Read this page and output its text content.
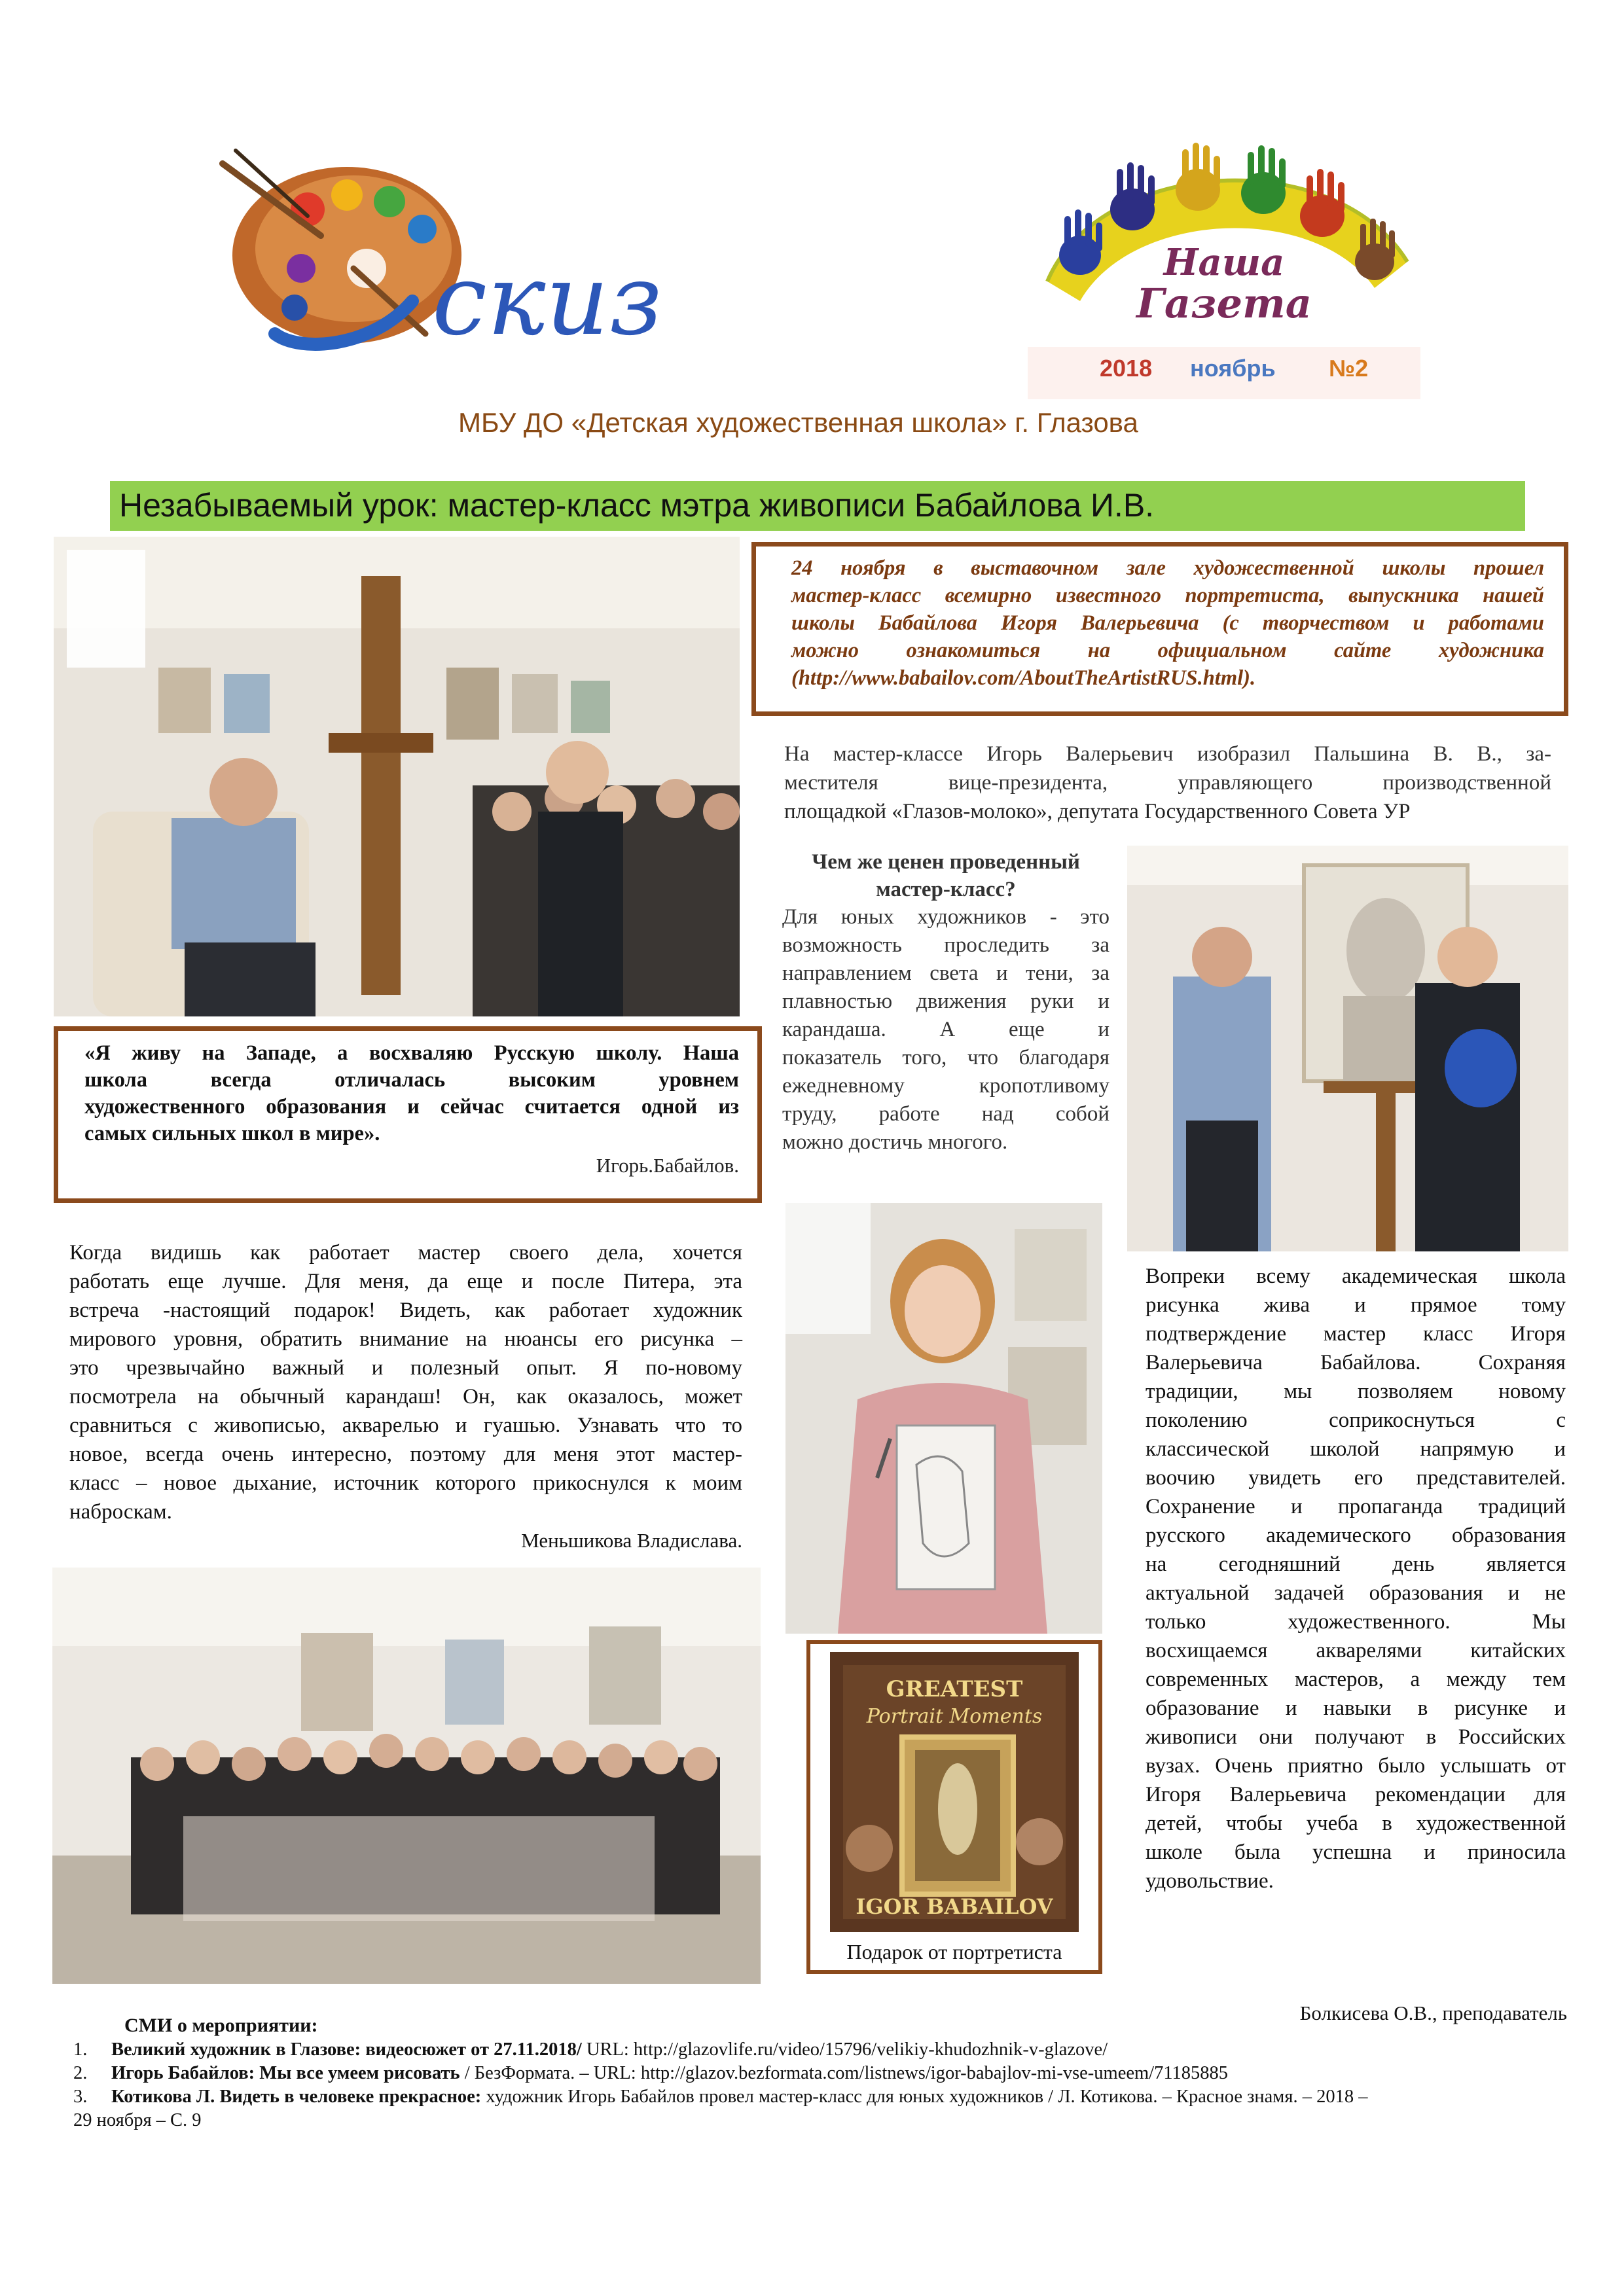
скиз	Наша
Газета
2018 ноябрь №2
МБУ ДО «Детская художественная школа» г. Глазова
Незабываемый урок: мастер-класс мэтра живописи Бабайлова И.В.
24 ноября в выставочном зале художественной школы прошел
мастер-класс всемирно известного портретиста, выпускника нашей
школы Бабайлова Игоря Валерьевича (с творчеством и работами
можно ознакомиться на официальном сайте художника
(http://www.babailov.com/AboutTheArtistRUS.html).
На мастер-классе Игорь Валерьевич изобразил Пальшина В. В., за-
местителя вице-президента, управляющего производственной
площадкой «Глазов-молоко», депутата Государственного Совета УР
Чем же ценен проведенный
мастер-класс?
Для юных художников - это
возможность проследить за
направлением света и тени, за
плавностью движения руки и
карандаша. А еще и
показатель того, что благодаря
ежедневному кропотливому
труду, работе над собой
можно достичь многого.
«Я живу на Западе, а восхваляю Русскую школу. Наша
школа всегда отличалась высоким уровнем
художественного образования и сейчас считается одной из
самых сильных школ в мире».
Игорь.Бабайлов.
Когда видишь как работает мастер своего дела, хочется
работать еще лучше. Для меня, да еще и после Питера, эта
встреча -настоящий подарок! Видеть, как работает художник
мирового уровня, обратить внимание на нюансы его рисунка –
это чрезвычайно важный и полезный опыт. Я по-новому
посмотрела на обычный карандаш! Он, как оказалось, может
сравниться с живописью, акварелью и гуашью. Узнавать что то
новое, всегда очень интересно, поэтому для меня этот мастер-
класс – новое дыхание, источник которого прикоснулся к моим
наброскам.
Меньшикова Владислава.
Вопреки всему академическая школа
рисунка жива и прямое тому
подтверждение мастер класс Игоря
Валерьевича Бабайлова. Сохраняя
традиции, мы позволяем новому
поколению соприкоснуться с
классической школой напрямую и
воочию увидеть его представителей.
Сохранение и пропаганда традиций
русского академического образования
на сегодняшний день является
актуальной задачей образования и не
только художественного. Мы
восхищаемся акварелями китайских
современных мастеров, а между тем
образование и навыки в рисунке и
живописи они получают в Российских
вузах. Очень приятно было услышать от
Игоря Валерьевича рекомендации для
детей, чтобы учеба в художественной
школе была успешна и приносила
удовольствие.
Болкисева О.В., преподаватель
GREATEST
Portrait Moments
IGOR BABAILOV
Подарок от портретиста
СМИ о мероприятии:
1. Великий художник в Глазове: видеосюжет от 27.11.2018/ URL: http://glazovlife.ru/video/15796/velikiy-khudozhnik-v-glazove/
2. Игорь Бабайлов: Мы все умеем рисовать / БезФормата. – URL: http://glazov.bezformata.com/listnews/igor-babajlov-mi-vse-umeem/71185885
3. Котикова Л. Видеть в человеке прекрасное: художник Игорь Бабайлов провел мастер-класс для юных художников / Л. Котикова. – Красное знамя. – 2018 –
29 ноября – С. 9
